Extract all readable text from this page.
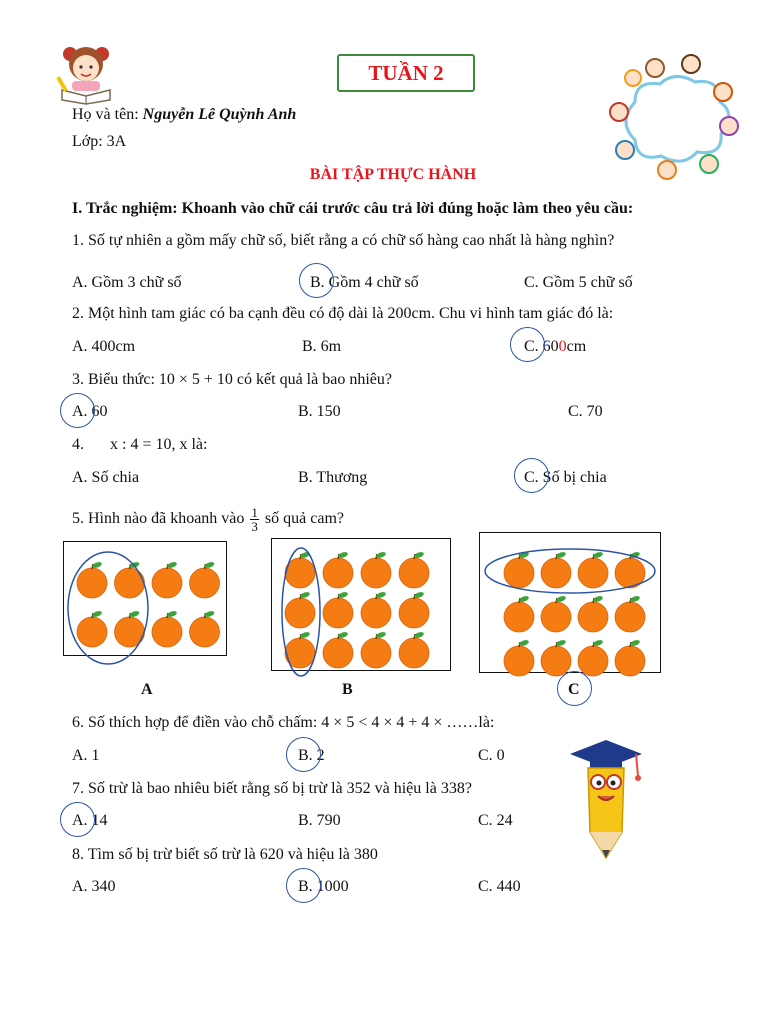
TUẦN 2
Họ và tên: Nguyễn Lê Quỳnh Anh
Lớp: 3A
BÀI TẬP THỰC HÀNH
I. Trắc nghiệm: Khoanh vào chữ cái trước câu trả lời đúng hoặc làm theo yêu cầu:
1. Số tự nhiên a gồm mấy chữ số, biết rằng a có chữ số hàng cao nhất là hàng nghìn?
A. Gồm 3 chữ số	B. Gồm 4 chữ số	C. Gồm 5 chữ số
2. Một hình tam giác có ba cạnh đều có độ dài là 200cm. Chu vi hình tam giác đó là:
A. 400cm	B. 6m	C. 600cm
3. Biểu thức: 10 × 5 + 10 có kết quả là bao nhiêu?
A. 60	B. 150	C. 70
4. x : 4 = 10, x là:
A. Số chia	B. Thương	C. Số bị chia
5. Hình nào đã khoanh vào $\frac{1}{3}$ số quả cam?
A	B	C
6. Số thích hợp để điền vào chỗ chấm: 4 × 5 < 4 × 4 + 4 × ……là:
A. 1	B. 2	C. 0
7. Số trừ là bao nhiêu biết rằng số bị trừ là 352 và hiệu là 338?
A. 14	B. 790	C. 24
8. Tìm số bị trừ biết số trừ là 620 và hiệu là 380
A. 340	B. 1000	C. 440
